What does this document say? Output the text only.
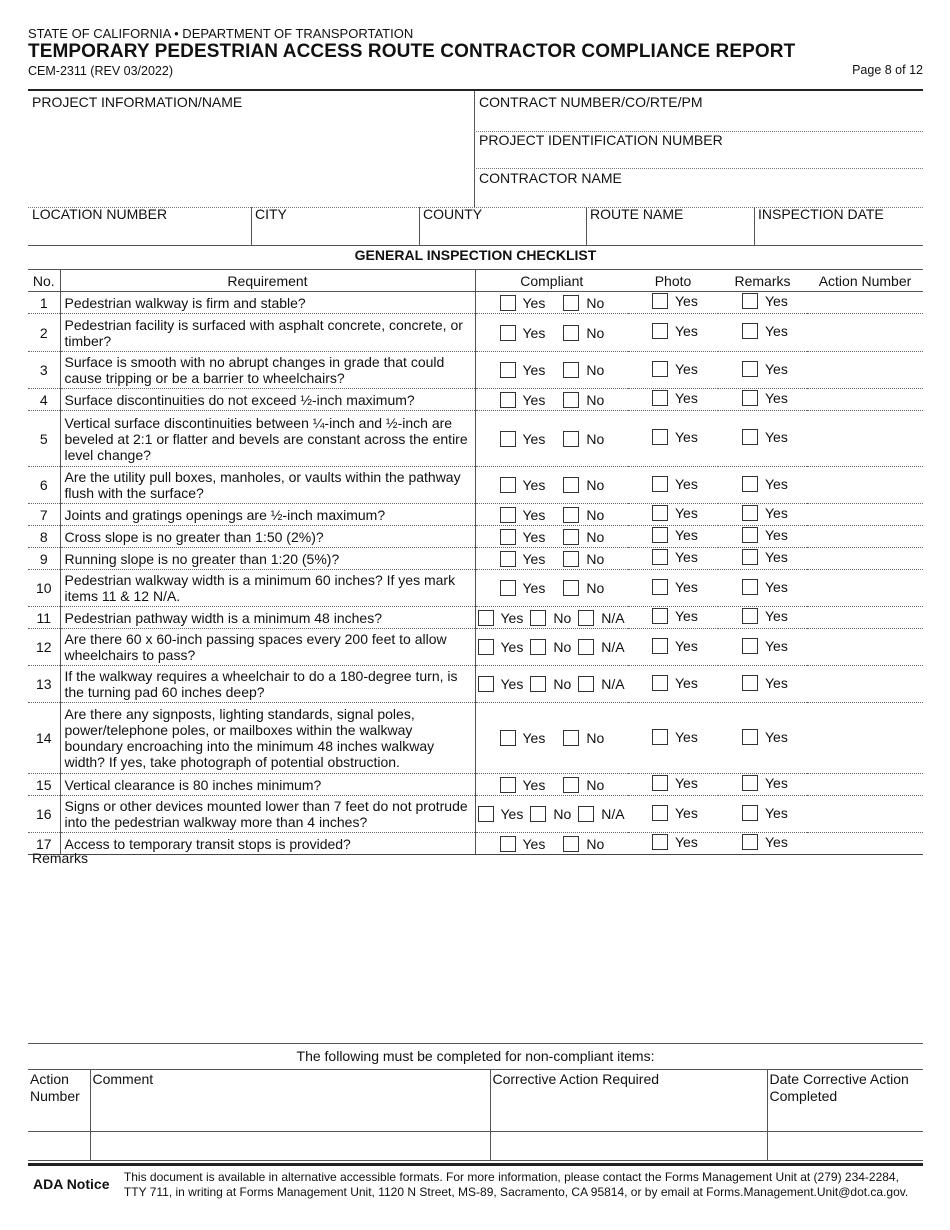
STATE OF CALIFORNIA • DEPARTMENT OF TRANSPORTATION
TEMPORARY PEDESTRIAN ACCESS ROUTE CONTRACTOR COMPLIANCE REPORT
CEM-2311 (REV 03/2022)	Page 8 of 12
PROJECT INFORMATION/NAME	CONTRACT NUMBER/CO/RTE/PM
PROJECT IDENTIFICATION NUMBER
CONTRACTOR NAME
LOCATION NUMBER	CITY	COUNTY	ROUTE NAME	INSPECTION DATE
GENERAL INSPECTION CHECKLIST
No.	Requirement	Compliant	Photo	Remarks	Action Number
1	Pedestrian walkway is firm and stable?	Yes No	Yes	Yes	

2	Pedestrian facility is surfaced with asphalt concrete, concrete, or timber?	Yes No	Yes	Yes	

3	Surface is smooth with no abrupt changes in grade that could cause tripping or be a barrier to wheelchairs?	Yes No	Yes	Yes	

4	Surface discontinuities do not exceed ½-inch maximum?	Yes No	Yes	Yes	

5	Vertical surface discontinuities between ¼-inch and ½-inch are beveled at 2:1 or flatter and bevels are constant across the entire level change?	Yes No	Yes	Yes	

6	Are the utility pull boxes, manholes, or vaults within the pathway flush with the surface?	Yes No	Yes	Yes	

7	Joints and gratings openings are ½-inch maximum?	Yes No	Yes	Yes	

8	Cross slope is no greater than 1:50 (2%)?	Yes No	Yes	Yes	

9	Running slope is no greater than 1:20 (5%)?	Yes No	Yes	Yes	

10	Pedestrian walkway width is a minimum 60 inches? If yes mark items 11 & 12 N/A.	Yes No	Yes	Yes	

11	Pedestrian pathway width is a minimum 48 inches?	Yes No N/A	Yes	Yes	

12	Are there 60 x 60-inch passing spaces every 200 feet to allow wheelchairs to pass?	Yes No N/A	Yes	Yes	

13	If the walkway requires a wheelchair to do a 180-degree turn, is the turning pad 60 inches deep?	Yes No N/A	Yes	Yes	

14	Are there any signposts, lighting standards, signal poles, power/telephone poles, or mailboxes within the walkway boundary encroaching into the minimum 48 inches walkway width? If yes, take photograph of potential obstruction.	Yes No	Yes	Yes	

15	Vertical clearance is 80 inches minimum?	Yes No	Yes	Yes	

16	Signs or other devices mounted lower than 7 feet do not protrude into the pedestrian walkway more than 4 inches?	Yes No N/A	Yes	Yes	

17	Access to temporary transit stops is provided?	Yes No	Yes	Yes	

Remarks
The following must be completed for non-compliant items:
Action Number	Comment	Corrective Action Required	Date Corrective Action Completed

ADA Notice This document is available in alternative accessible formats. For more information, please contact the Forms Management Unit at (279) 234-2284, TTY 711, in writing at Forms Management Unit, 1120 N Street, MS-89, Sacramento, CA 95814, or by email at Forms.Management.Unit@dot.ca.gov.
